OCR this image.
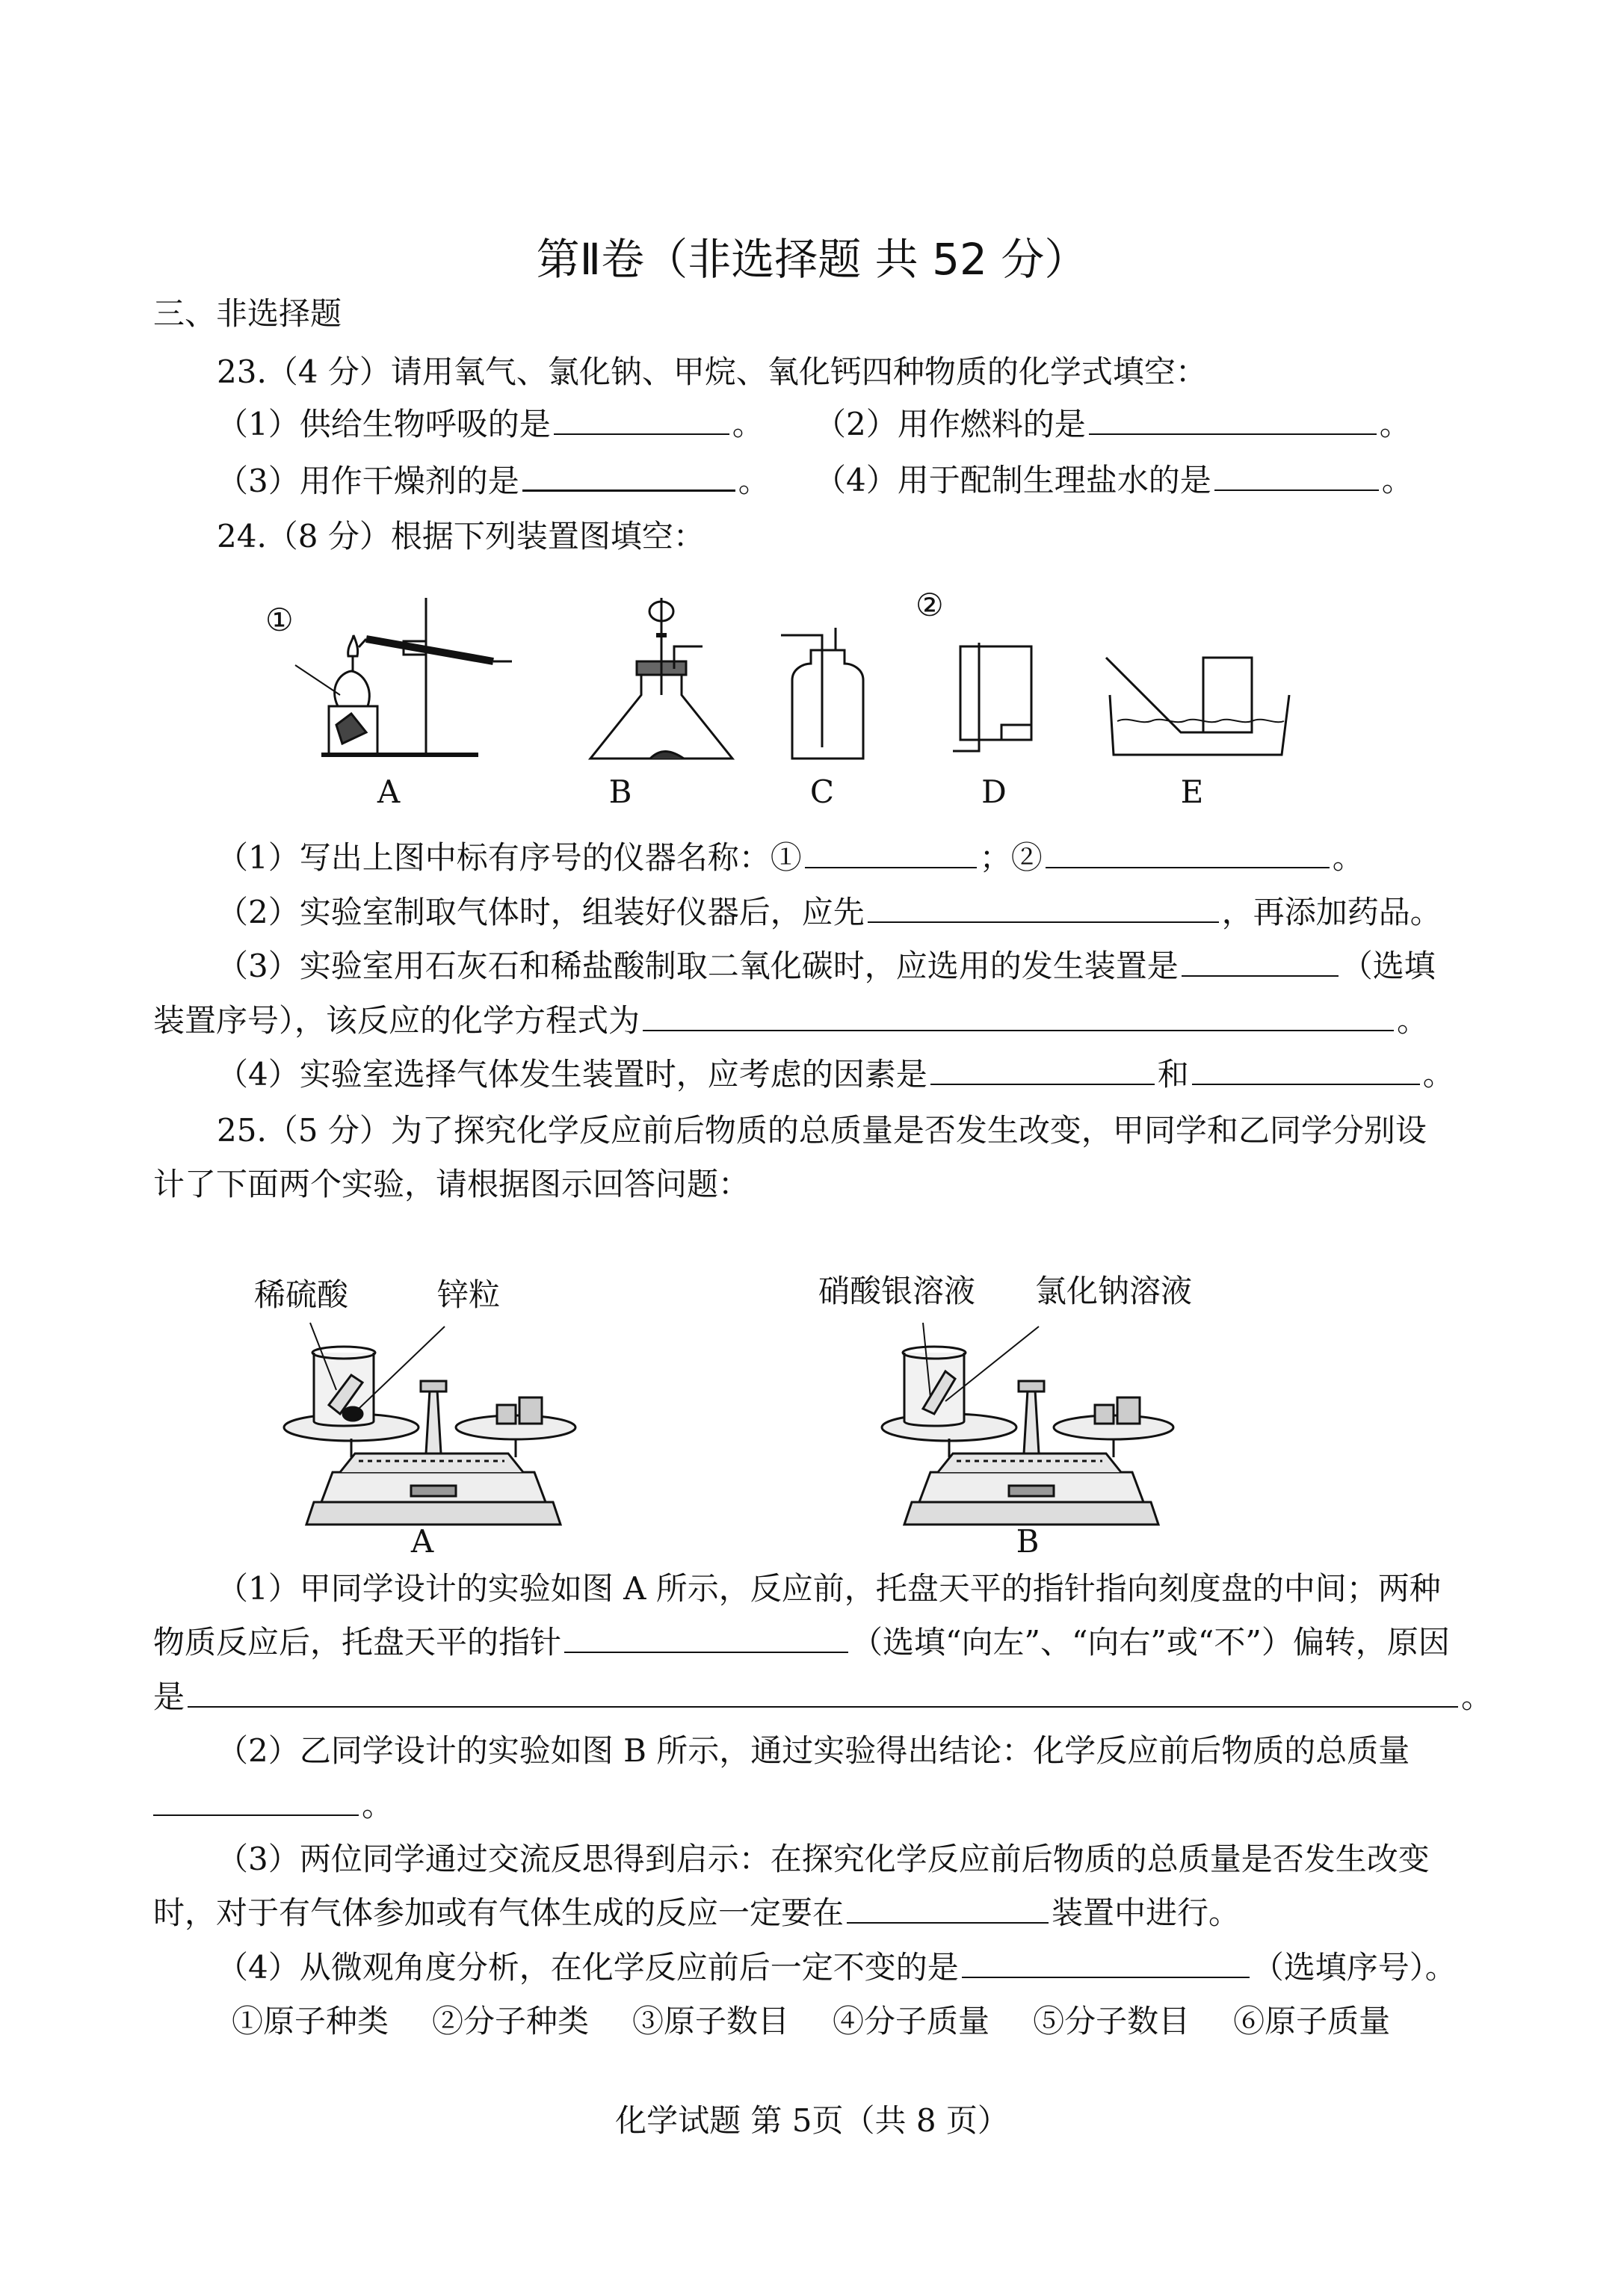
第Ⅱ卷（非选择题 共 52 分）
三、非选择题
23.（4 分）请用氧气、氯化钠、甲烷、氧化钙四种物质的化学式填空：
（1）供给生物呼吸的是	。 （2）用作燃料的是	。
（3）用作干燥剂的是	。 （4）用于配制生理盐水的是	。
24.（8 分）根据下列装置图填空：
①	②
A	B	C	D	E
（1）写出上图中标有序号的仪器名称：①	；②	。
（2）实验室制取气体时，组装好仪器后，应先	，再添加药品。
（3）实验室用石灰石和稀盐酸制取二氧化碳时，应选用的发生装置是	（选填
装置序号），该反应的化学方程式为	。
（4）实验室选择气体发生装置时，应考虑的因素是	和	。
25.（5 分）为了探究化学反应前后物质的总质量是否发生改变，甲同学和乙同学分别设
计了下面两个实验，请根据图示回答问题：
稀硫酸	锌粒	硝酸银溶液 氯化钠溶液
A	B
（1）甲同学设计的实验如图 A 所示，反应前，托盘天平的指针指向刻度盘的中间；两种
物质反应后，托盘天平的指针	（选填“向左”、“向右”或“不”）偏转，原因
是	。
（2）乙同学设计的实验如图 B 所示，通过实验得出结论：化学反应前后物质的总质量
。
（3）两位同学通过交流反思得到启示：在探究化学反应前后物质的总质量是否发生改变
时，对于有气体参加或有气体生成的反应一定要在	装置中进行。
（4）从微观角度分析，在化学反应前后一定不变的是	（选填序号）。
①原子种类 ②分子种类 ③原子数目 ④分子质量 ⑤分子数目 ⑥原子质量
化学试题 第 5页（共 8 页）
